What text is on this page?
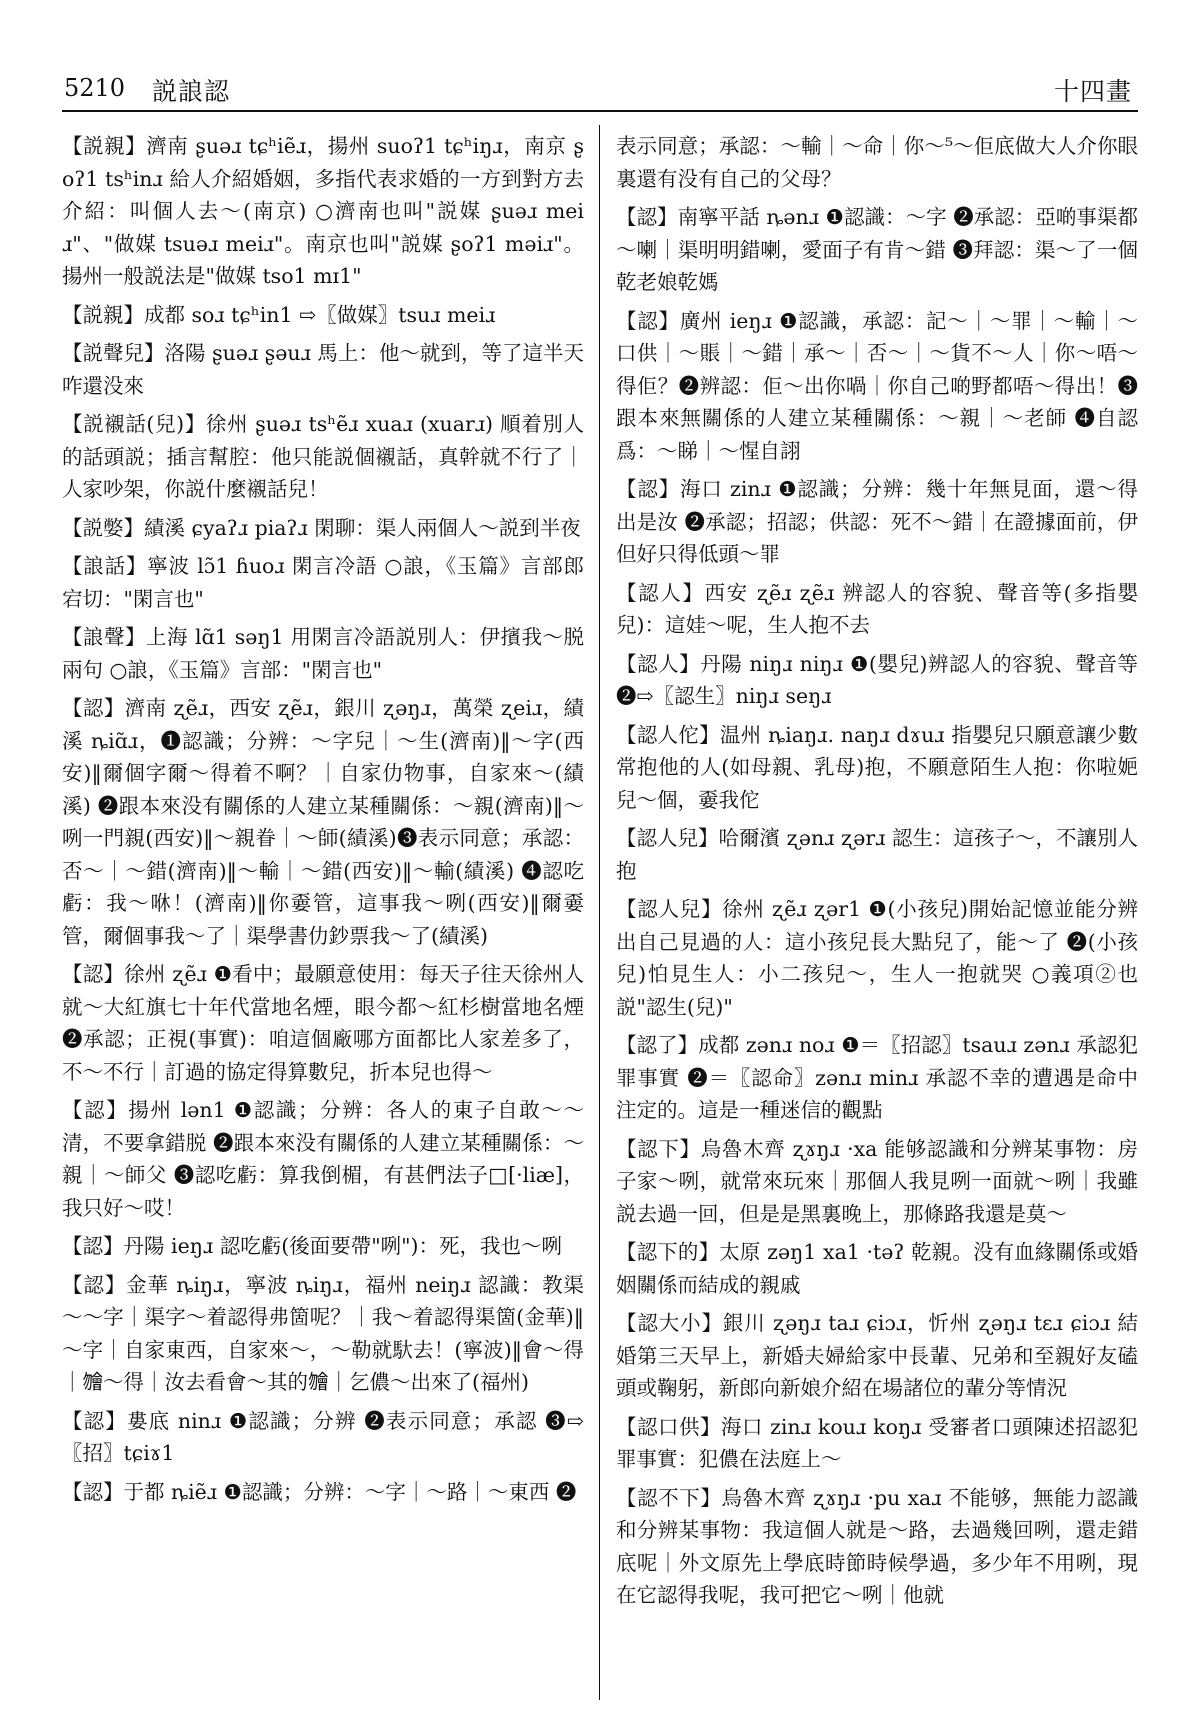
5210 説誏認	十四畫

【説親】濟南 ʂuəɹ tɕʰiẽɹ，揚州 suoʔ1 tɕʰiŋɹ，南京 ʂoʔ1 tsʰinɹ 給人介紹婚姻，多指代表求婚的一方到對方去介紹：叫個人去～(南京) ○濟南也叫"説媒 ʂuəɹ meiɹ"、"做媒 tsuəɹ meiɹ"。南京也叫"説媒 ʂoʔ1 məiɹ"。揚州一般説法是"做媒 tso1 mɪ1"

【説親】成都 soɹ tɕʰin1 ⇨〖做媒〗tsuɹ meiɹ

【説聲兒】洛陽 ʂuəɹ ʂəuɹ 馬上：他～就到，等了這半天咋還没來

【説襯話(兒)】徐州 ʂuəɹ tsʰẽɹ xuaɹ (xuarɹ) 順着別人的話頭説；插言幫腔：他只能説個襯話，真幹就不行了｜人家吵架，你説什麼襯話兒！

【説嫳】績溪 ɕyaʔɹ piaʔɹ 閑聊：渠人兩個人～説到半夜

【誏話】寧波 lɔ̃1 ɦuoɹ 閑言冷語 ○誏，《玉篇》言部郎宕切："閑言也"

【誏聲】上海 lɑ̃1 səŋ1 用閑言冷語説別人：伊擯我～脱兩句 ○誏，《玉篇》言部："閑言也"

【認】濟南 ʐẽɹ，西安 ʐẽɹ，銀川 ʐəŋɹ，萬榮 ʐeiɹ，績溪 ȵiɑ̃ɹ，❶認識；分辨：～字兒｜～生(濟南)‖～字(西安)‖爾個字爾～得着不啊？｜自家仂物事，自家來～(績溪) ❷跟本來没有關係的人建立某種關係：～親(濟南)‖～咧一門親(西安)‖～親眷｜～師(績溪)❸表示同意；承認：否～｜～錯(濟南)‖～輸｜～錯(西安)‖～輸(績溪) ❹認吃虧：我～咻！(濟南)‖你嫑管，這事我～咧(西安)‖爾嫑管，爾個事我～了｜渠學書仂鈔票我～了(績溪)

【認】徐州 ʐẽɹ ❶看中；最願意使用：每天子往天徐州人就～大紅旗七十年代當地名煙，眼今都～紅杉樹當地名煙 ❷承認；正視(事實)：咱這個廠哪方面都比人家差多了，不～不行｜訂過的協定得算數兒，折本兒也得～

【認】揚州 lən1 ❶認識；分辨：各人的東子自敢～～清，不要拿錯脱 ❷跟本來没有關係的人建立某種關係：～親｜～師父 ❸認吃虧：算我倒楣，有甚們法子□[·liæ]，我只好～哎！

【認】丹陽 ieŋɹ 認吃虧(後面要帶"咧")：死，我也～咧

【認】金華 ȵiŋɹ，寧波 ȵiŋɹ，福州 neiŋɹ 認識：教渠～～字｜渠字～着認得弗箇呢？｜我～着認得渠箇(金華)‖～字｜自家東西，自家來～，～勒就馱去！(寧波)‖會～得｜𣍐～得｜汝去看會～其的𣍐｜乞儂～出來了(福州)

【認】婁底 ninɹ ❶認識；分辨 ❷表示同意；承認 ❸⇨〖招〗tɕiɤ1

【認】于都 ȵiẽɹ ❶認識；分辨：～字｜～路｜～東西 ❷

表示同意；承認：～輸｜～命｜你～⁵～佢底做大人介你眼裏還有没有自己的父母？

【認】南寧平話 ȵənɹ ❶認識：～字 ❷承認：亞啲事渠都～喇｜渠明明錯喇，愛面子有肯～錯 ❸拜認：渠～了一個乾老娘乾媽

【認】廣州 ieŋɹ ❶認識，承認：記～｜～罪｜～輸｜～口供｜～賬｜～錯｜承～｜否～｜～貨不～人｜你～唔～得佢？❷辨認：佢～出你喎｜你自己啲野都唔～得出！❸跟本來無關係的人建立某種關係：～親｜～老師 ❹自認爲：～睇｜～惺自詡

【認】海口 zinɹ ❶認識；分辨：幾十年無見面，還～得出是汝 ❷承認；招認；供認：死不～錯｜在證據面前，伊但好只得低頭～罪

【認人】西安 ʐẽɹ ʐẽɹ 辨認人的容貌、聲音等(多指嬰兒)：這娃～呢，生人抱不去

【認人】丹陽 niŋɹ niŋɹ ❶(嬰兒)辨認人的容貌、聲音等 ❷⇨〖認生〗niŋɹ seŋɹ

【認人佗】温州 ȵiaŋɹ. naŋɹ dɤuɹ 指嬰兒只願意讓少數常抱他的人(如母親、乳母)抱，不願意陌生人抱：你啦㛂兒～個，嫑我佗

【認人兒】哈爾濱 ʐənɹ ʐərɹ 認生：這孩子～，不讓別人抱

【認人兒】徐州 ʐẽɹ ʐər1 ❶(小孩兒)開始記憶並能分辨出自己見過的人：這小孩兒長大點兒了，能～了 ❷(小孩兒)怕見生人：小二孩兒～，生人一抱就哭 ○義項②也説"認生(兒)"

【認了】成都 zənɹ noɹ ❶＝〖招認〗tsauɹ zənɹ 承認犯罪事實 ❷＝〖認命〗zənɹ minɹ 承認不幸的遭遇是命中注定的。這是一種迷信的觀點

【認下】烏魯木齊 ʐɤŋɹ ·xa 能够認識和分辨某事物：房子家～咧，就常來玩來｜那個人我見咧一面就～咧｜我雖説去過一回，但是是黑裏晚上，那條路我還是莫～

【認下的】太原 zəŋ1 xa1 ·təʔ 乾親。没有血緣關係或婚姻關係而結成的親戚

【認大小】銀川 ʐəŋɹ taɹ ɕiɔɹ，忻州 ʐəŋɹ tɛɹ ɕiɔɹ 結婚第三天早上，新婚夫婦給家中長輩、兄弟和至親好友磕頭或鞠躬，新郎向新娘介紹在場諸位的輩分等情況

【認口供】海口 zinɹ kouɹ koŋɹ 受審者口頭陳述招認犯罪事實：犯儂在法庭上～

【認不下】烏魯木齊 ʐɤŋɹ ·pu xaɹ 不能够，無能力認識和分辨某事物：我這個人就是～路，去過幾回咧，還走錯底呢｜外文原先上學底時節時候學過，多少年不用咧，現在它認得我呢，我可把它～咧｜他就
